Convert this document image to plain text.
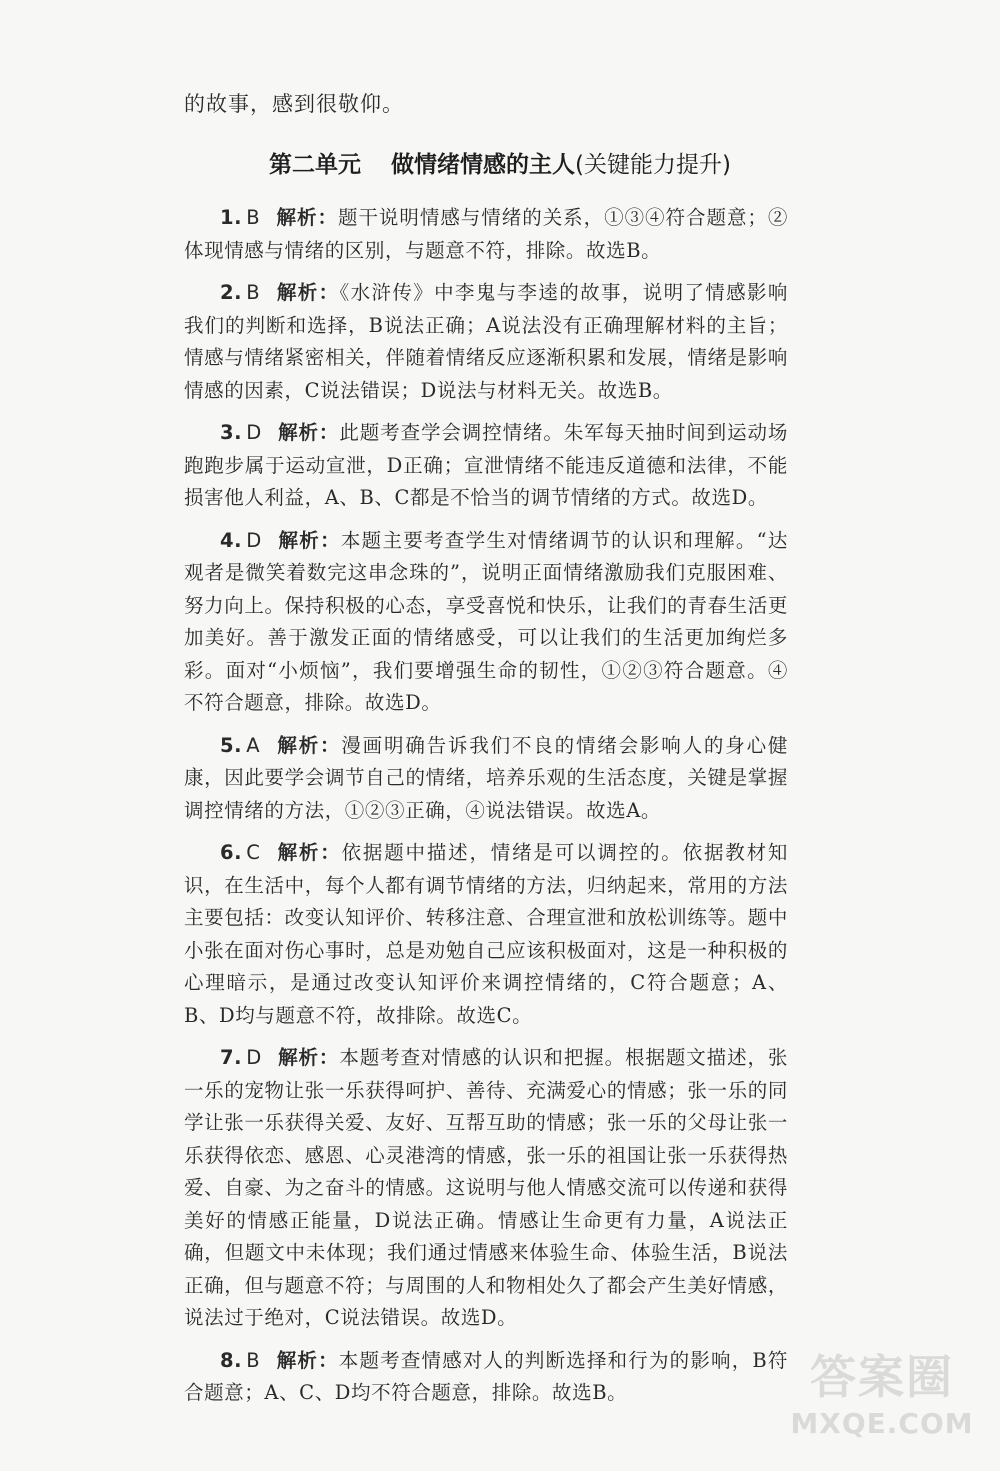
的故事，感到很敬仰。
第二单元 做情绪情感的主人(关键能力提升)

1. B 解析：题干说明情感与情绪的关系，①③④符合题意；②体现情感与情绪的区别，与题意不符，排除。故选B。

2. B 解析：《水浒传》中李鬼与李逵的故事，说明了情感影响我们的判断和选择，B说法正确；A说法没有正确理解材料的主旨；情感与情绪紧密相关，伴随着情绪反应逐渐积累和发展，情绪是影响情感的因素，C说法错误；D说法与材料无关。故选B。

3. D 解析：此题考查学会调控情绪。朱军每天抽时间到运动场跑跑步属于运动宣泄，D正确；宣泄情绪不能违反道德和法律，不能损害他人利益，A、B、C都是不恰当的调节情绪的方式。故选D。

4. D 解析：本题主要考查学生对情绪调节的认识和理解。“达观者是微笑着数完这串念珠的”，说明正面情绪激励我们克服困难、努力向上。保持积极的心态，享受喜悦和快乐，让我们的青春生活更加美好。善于激发正面的情绪感受，可以让我们的生活更加绚烂多彩。面对“小烦恼”，我们要增强生命的韧性，①②③符合题意。④不符合题意，排除。故选D。

5. A 解析：漫画明确告诉我们不良的情绪会影响人的身心健康，因此要学会调节自己的情绪，培养乐观的生活态度，关键是掌握调控情绪的方法，①②③正确，④说法错误。故选A。

6. C 解析：依据题中描述，情绪是可以调控的。依据教材知识，在生活中，每个人都有调节情绪的方法，归纳起来，常用的方法主要包括：改变认知评价、转移注意、合理宣泄和放松训练等。题中小张在面对伤心事时，总是劝勉自己应该积极面对，这是一种积极的心理暗示，是通过改变认知评价来调控情绪的，C符合题意；A、B、D均与题意不符，故排除。故选C。

7. D 解析：本题考查对情感的认识和把握。根据题文描述，张一乐的宠物让张一乐获得呵护、善待、充满爱心的情感；张一乐的同学让张一乐获得关爱、友好、互帮互助的情感；张一乐的父母让张一乐获得依恋、感恩、心灵港湾的情感，张一乐的祖国让张一乐获得热爱、自豪、为之奋斗的情感。这说明与他人情感交流可以传递和获得美好的情感正能量，D说法正确。情感让生命更有力量，A说法正确，但题文中未体现；我们通过情感来体验生命、体验生活，B说法正确，但与题意不符；与周围的人和物相处久了都会产生美好情感，说法过于绝对，C说法错误。故选D。

8. B 解析：本题考查情感对人的判断选择和行为的影响，B符合题意；A、C、D均不符合题意，排除。故选B。	答案圈
MXQE.COM
